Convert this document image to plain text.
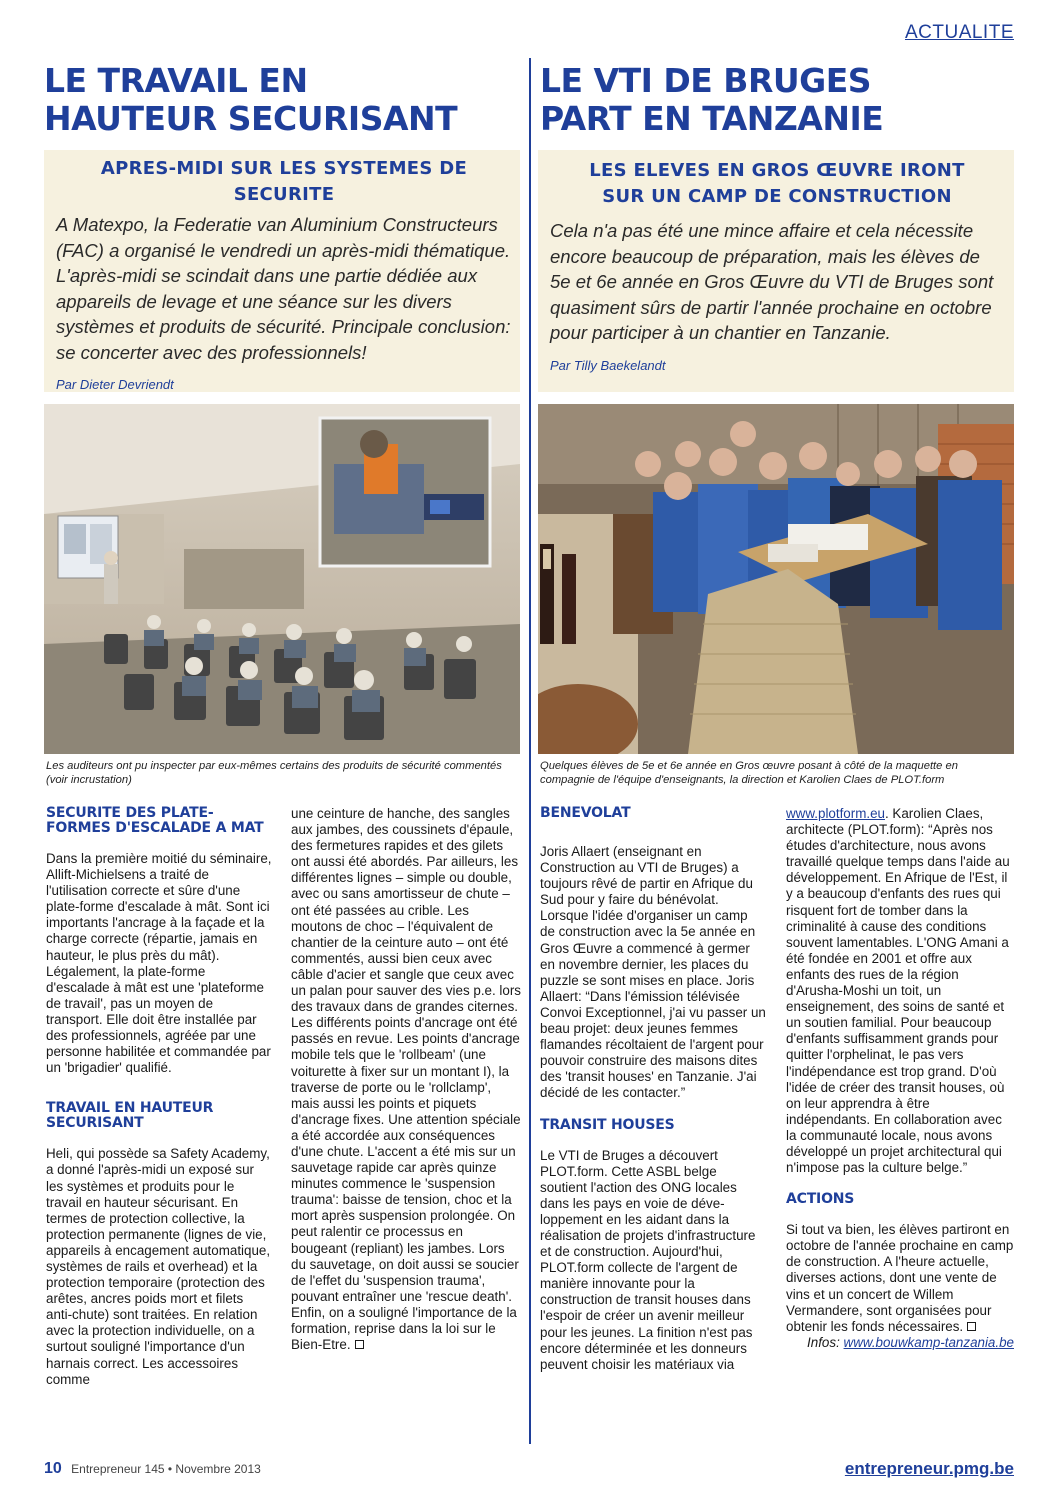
ACTUALITE
LE TRAVAIL EN
HAUTEUR SECURISANT
APRES-MIDI SUR LES SYSTEMES DE SECURITE
A Matexpo, la Federatie van Aluminium Constructeurs (FAC) a organisé le vendredi un après-midi thématique. L'après-midi se scindait dans une partie dédiée aux appareils de levage et une séance sur les divers systèmes et produits de sécurité. Principale conclusion: se concerter avec des professionnels!
Par Dieter Devriendt
Les auditeurs ont pu inspecter par eux-mêmes certains des produits de sécurité commentés (voir incrustation)
SECURITE DES PLATE-FORMES D'ESCALADE A MAT

Dans la première moitié du séminaire, Allift-Michielsens a traité de l'utilisation correcte et sûre d'une plate-forme d'escalade à mât. Sont ici importants l'ancrage à la façade et la charge correcte (répartie, jamais en hauteur, le plus près du mât). Légalement, la plate-forme d'escalade à mât est une 'plateforme de travail', pas un moyen de transport. Elle doit être installée par des professionnels, agréée par une personne habilitée et commandée par un 'brigadier' qualifié.

TRAVAIL EN HAUTEUR SECURISANT

Heli, qui possède sa Safety Academy, a donné l'après-midi un exposé sur les systèmes et produits pour le travail en hauteur sécurisant. En termes de protection collective, la protection permanente (lignes de vie, appareils à encagement automatique, systèmes de rails et overhead) et la protection temporaire (protection des arêtes, ancres poids mort et filets anti-chute) sont traitées. En relation avec la protection individuelle, on a surtout souligné l'importance d'un harnais correct. Les accessoires comme

une ceinture de hanche, des sangles aux jambes, des coussinets d'épaule, des fermetures rapides et des gilets ont aussi été abordés. Par ailleurs, les différentes lignes – simple ou double, avec ou sans amortisseur de chute – ont été passées au crible. Les moutons de choc – l'équivalent de chantier de la ceinture auto – ont été commentés, aussi bien ceux avec câble d'acier et sangle que ceux avec un palan pour sauver des vies p.e. lors des travaux dans de grandes citernes. Les différents points d'ancrage ont été passés en revue. Les points d'ancrage mobile tels que le 'rollbeam' (une voiturette à fixer sur un montant I), la traverse de porte ou le 'rollclamp', mais aussi les points et piquets d'ancrage fixes. Une attention spéciale a été accordée aux conséquences d'une chute. L'accent a été mis sur un sauvetage rapide car après quinze minutes commence le 'suspension trauma': baisse de tension, choc et la mort après suspension prolongée. On peut ralentir ce processus en bougeant (repliant) les jambes. Lors du sauvetage, on doit aussi se soucier de l'effet du 'suspension trauma', pouvant entraîner une 'rescue death'. Enfin, on a souligné l'importance de la formation, reprise dans la loi sur le Bien-Etre.

LE VTI DE BRUGES
PART EN TANZANIE
LES ELEVES EN GROS ŒUVRE IRONT
SUR UN CAMP DE CONSTRUCTION
Cela n'a pas été une mince affaire et cela nécessite encore beaucoup de préparation, mais les élèves de 5e et 6e année en Gros Œuvre du VTI de Bruges sont quasiment sûrs de partir l'année prochaine en octobre pour participer à un chantier en Tanzanie.
Par Tilly Baekelandt
Quelques élèves de 5e et 6e année en Gros œuvre posant à côté de la maquette en compagnie de l'équipe d'enseignants, la direction et Karolien Claes de PLOT.form
BENEVOLAT

Joris Allaert (enseignant en Construction au VTI de Bruges) a toujours rêvé de partir en Afrique du Sud pour y faire du bénévolat. Lorsque l'idée d'organiser un camp de construction avec la 5e année en Gros Œuvre a commencé à germer en novembre dernier, les places du puzzle se sont mises en place. Joris Allaert: “Dans l'émission télévisée Convoi Exceptionnel, j'ai vu passer un beau projet: deux jeunes femmes flamandes récoltaient de l'argent pour pouvoir construire des maisons dites des 'transit houses' en Tanzanie. J'ai décidé de les contacter.”

TRANSIT HOUSES

Le VTI de Bruges a découvert PLOT.form. Cette ASBL belge soutient l'action des ONG locales dans les pays en voie de développement en les aidant dans la réalisation de projets d'infrastructure et de construction. Aujourd'hui, PLOT.form collecte de l'argent de manière innovante pour la construction de transit houses dans l'espoir de créer un avenir meilleur pour les jeunes. La finition n'est pas encore déterminée et les donneurs peuvent choisir les matériaux via

www.plotform.eu. Karolien Claes, architecte (PLOT.form): “Après nos études d'architecture, nous avons travaillé quelque temps dans l'aide au développement. En Afrique de l'Est, il y a beaucoup d'enfants des rues qui risquent fort de tomber dans la criminalité à cause des conditions souvent lamentables. L'ONG Amani a été fondée en 2001 et offre aux enfants des rues de la région d'Arusha-Moshi un toit, un enseignement, des soins de santé et un soutien familial. Pour beaucoup d'enfants suffisamment grands pour quitter l'orphelinat, le pas vers l'indépendance est trop grand. D'où l'idée de créer des transit houses, où on leur apprendra à être indépendants. En collaboration avec la communauté locale, nous avons développé un projet architectural qui n'impose pas la culture belge.”

ACTIONS

Si tout va bien, les élèves partiront en octobre de l'année prochaine en camp de construction. A l'heure actuelle, diverses actions, dont une vente de vins et un concert de Willem Vermandere, sont organisées pour obtenir les fonds nécessaires.

Infos: www.bouwkamp-tanzania.be

10 Entrepreneur 145 • Novembre 2013	entrepreneur.pmg.be
